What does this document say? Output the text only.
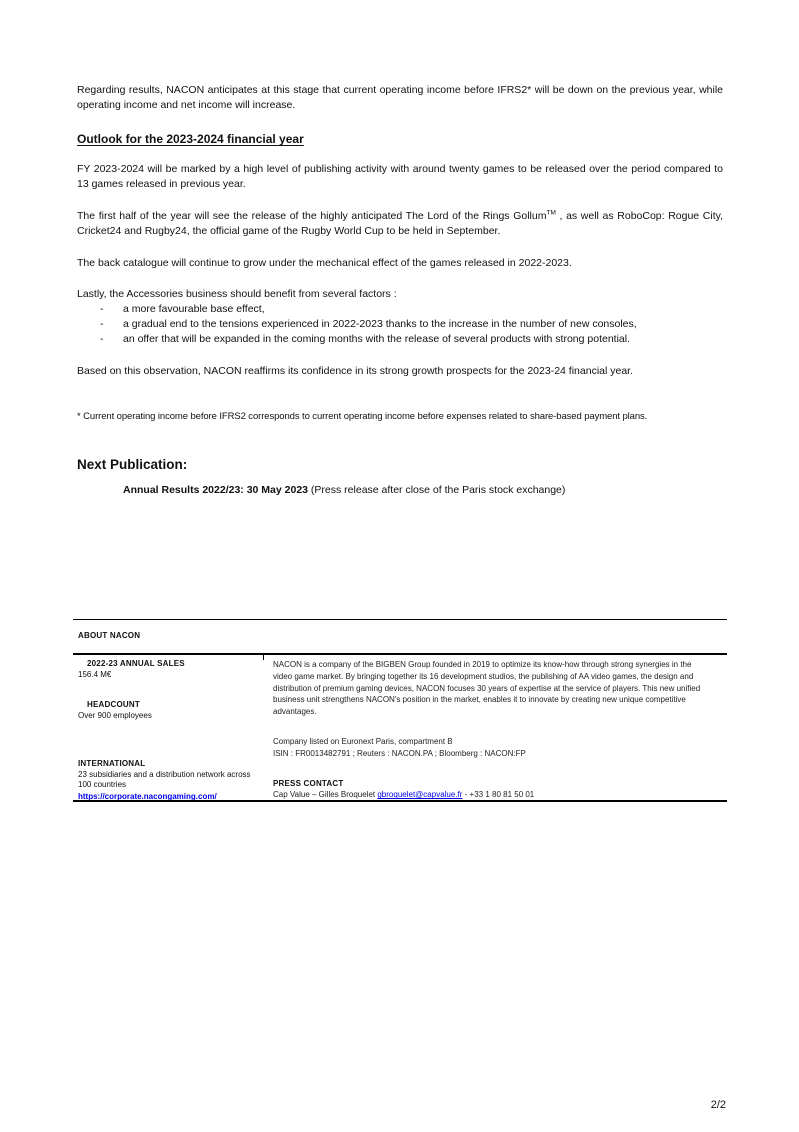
Regarding results, NACON anticipates at this stage that current operating income before IFRS2* will be down on the previous year, while operating income and net income will increase.

Outlook for the 2023-2024 financial year

FY 2023-2024 will be marked by a high level of publishing activity with around twenty games to be released over the period compared to 13 games released in previous year.

The first half of the year will see the release of the highly anticipated The Lord of the Rings Gollum™ , as well as RoboCop: Rogue City, Cricket24 and Rugby24, the official game of the Rugby World Cup to be held in September.

The back catalogue will continue to grow under the mechanical effect of the games released in 2022-2023.

Lastly, the Accessories business should benefit from several factors :

- a more favourable base effect,
- a gradual end to the tensions experienced in 2022-2023 thanks to the increase in the number of new consoles,
- an offer that will be expanded in the coming months with the release of several products with strong potential.

Based on this observation, NACON reaffirms its confidence in its strong growth prospects for the 2023-24 financial year.

* Current operating income before IFRS2 corresponds to current operating income before expenses related to share-based payment plans.

Next Publication:

Annual Results 2022/23: 30 May 2023 (Press release after close of the Paris stock exchange)

ABOUT NACON
2022-23 ANNUAL SALES
156.4 M€
HEADCOUNT
Over 900 employees
INTERNATIONAL
23 subsidiaries and a distribution network across 100 countries
https://corporate.nacongaming.com/
NACON is a company of the BIGBEN Group founded in 2019 to optimize its know-how through strong synergies in the video game market. By bringing together its 16 development studios, the publishing of AA video games, the design and distribution of premium gaming devices, NACON focuses 30 years of expertise at the service of players. This new unified business unit strengthens NACON's position in the market, enables it to innovate by creating new unique competitive advantages.
Company listed on Euronext Paris, compartment B
ISIN : FR0013482791 ; Reuters : NACON.PA ; Bloomberg : NACON:FP
PRESS CONTACT
Cap Value – Gilles Broquelet gbroquelet@capvalue.fr - +33 1 80 81 50 01
2/2
